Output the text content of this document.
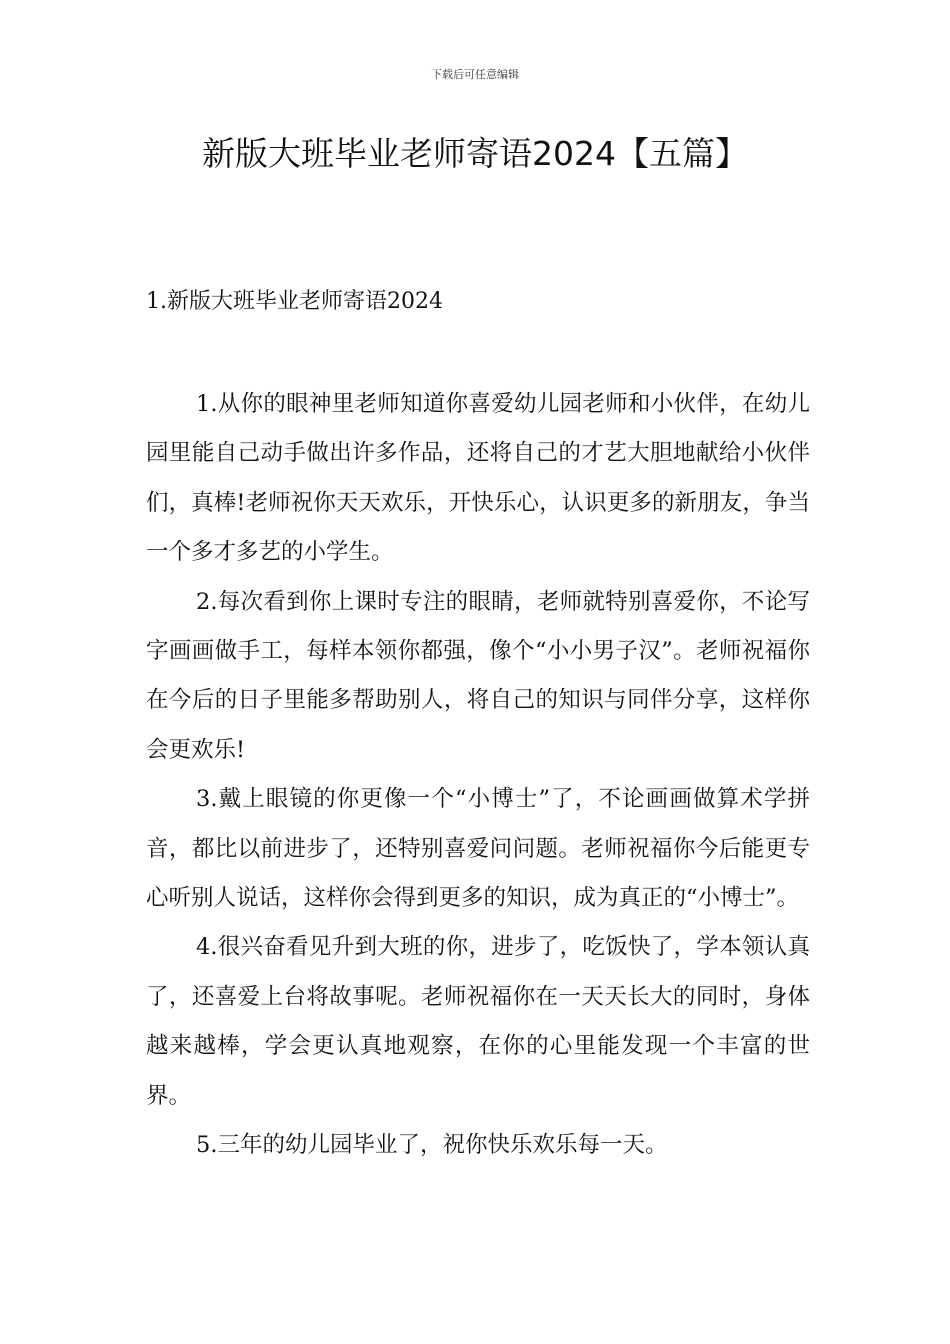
下载后可任意编辑
新版大班毕业老师寄语2024【五篇】
1.新版大班毕业老师寄语2024

1.从你的眼神里老师知道你喜爱幼儿园老师和小伙伴，在幼儿园里能自己动手做出许多作品，还将自己的才艺大胆地献给小伙伴们，真棒!老师祝你天天欢乐，开快乐心，认识更多的新朋友，争当一个多才多艺的小学生。

2.每次看到你上课时专注的眼睛，老师就特别喜爱你，不论写字画画做手工，每样本领你都强，像个“小小男子汉”。老师祝福你在今后的日子里能多帮助别人，将自己的知识与同伴分享，这样你会更欢乐!

3.戴上眼镜的你更像一个“小博士”了，不论画画做算术学拼音，都比以前进步了，还特别喜爱问问题。老师祝福你今后能更专心听别人说话，这样你会得到更多的知识，成为真正的“小博士”。

4.很兴奋看见升到大班的你，进步了，吃饭快了，学本领认真了，还喜爱上台将故事呢。老师祝福你在一天天长大的同时，身体越来越棒，学会更认真地观察，在你的心里能发现一个丰富的世界。

5.三年的幼儿园毕业了，祝你快乐欢乐每一天。
